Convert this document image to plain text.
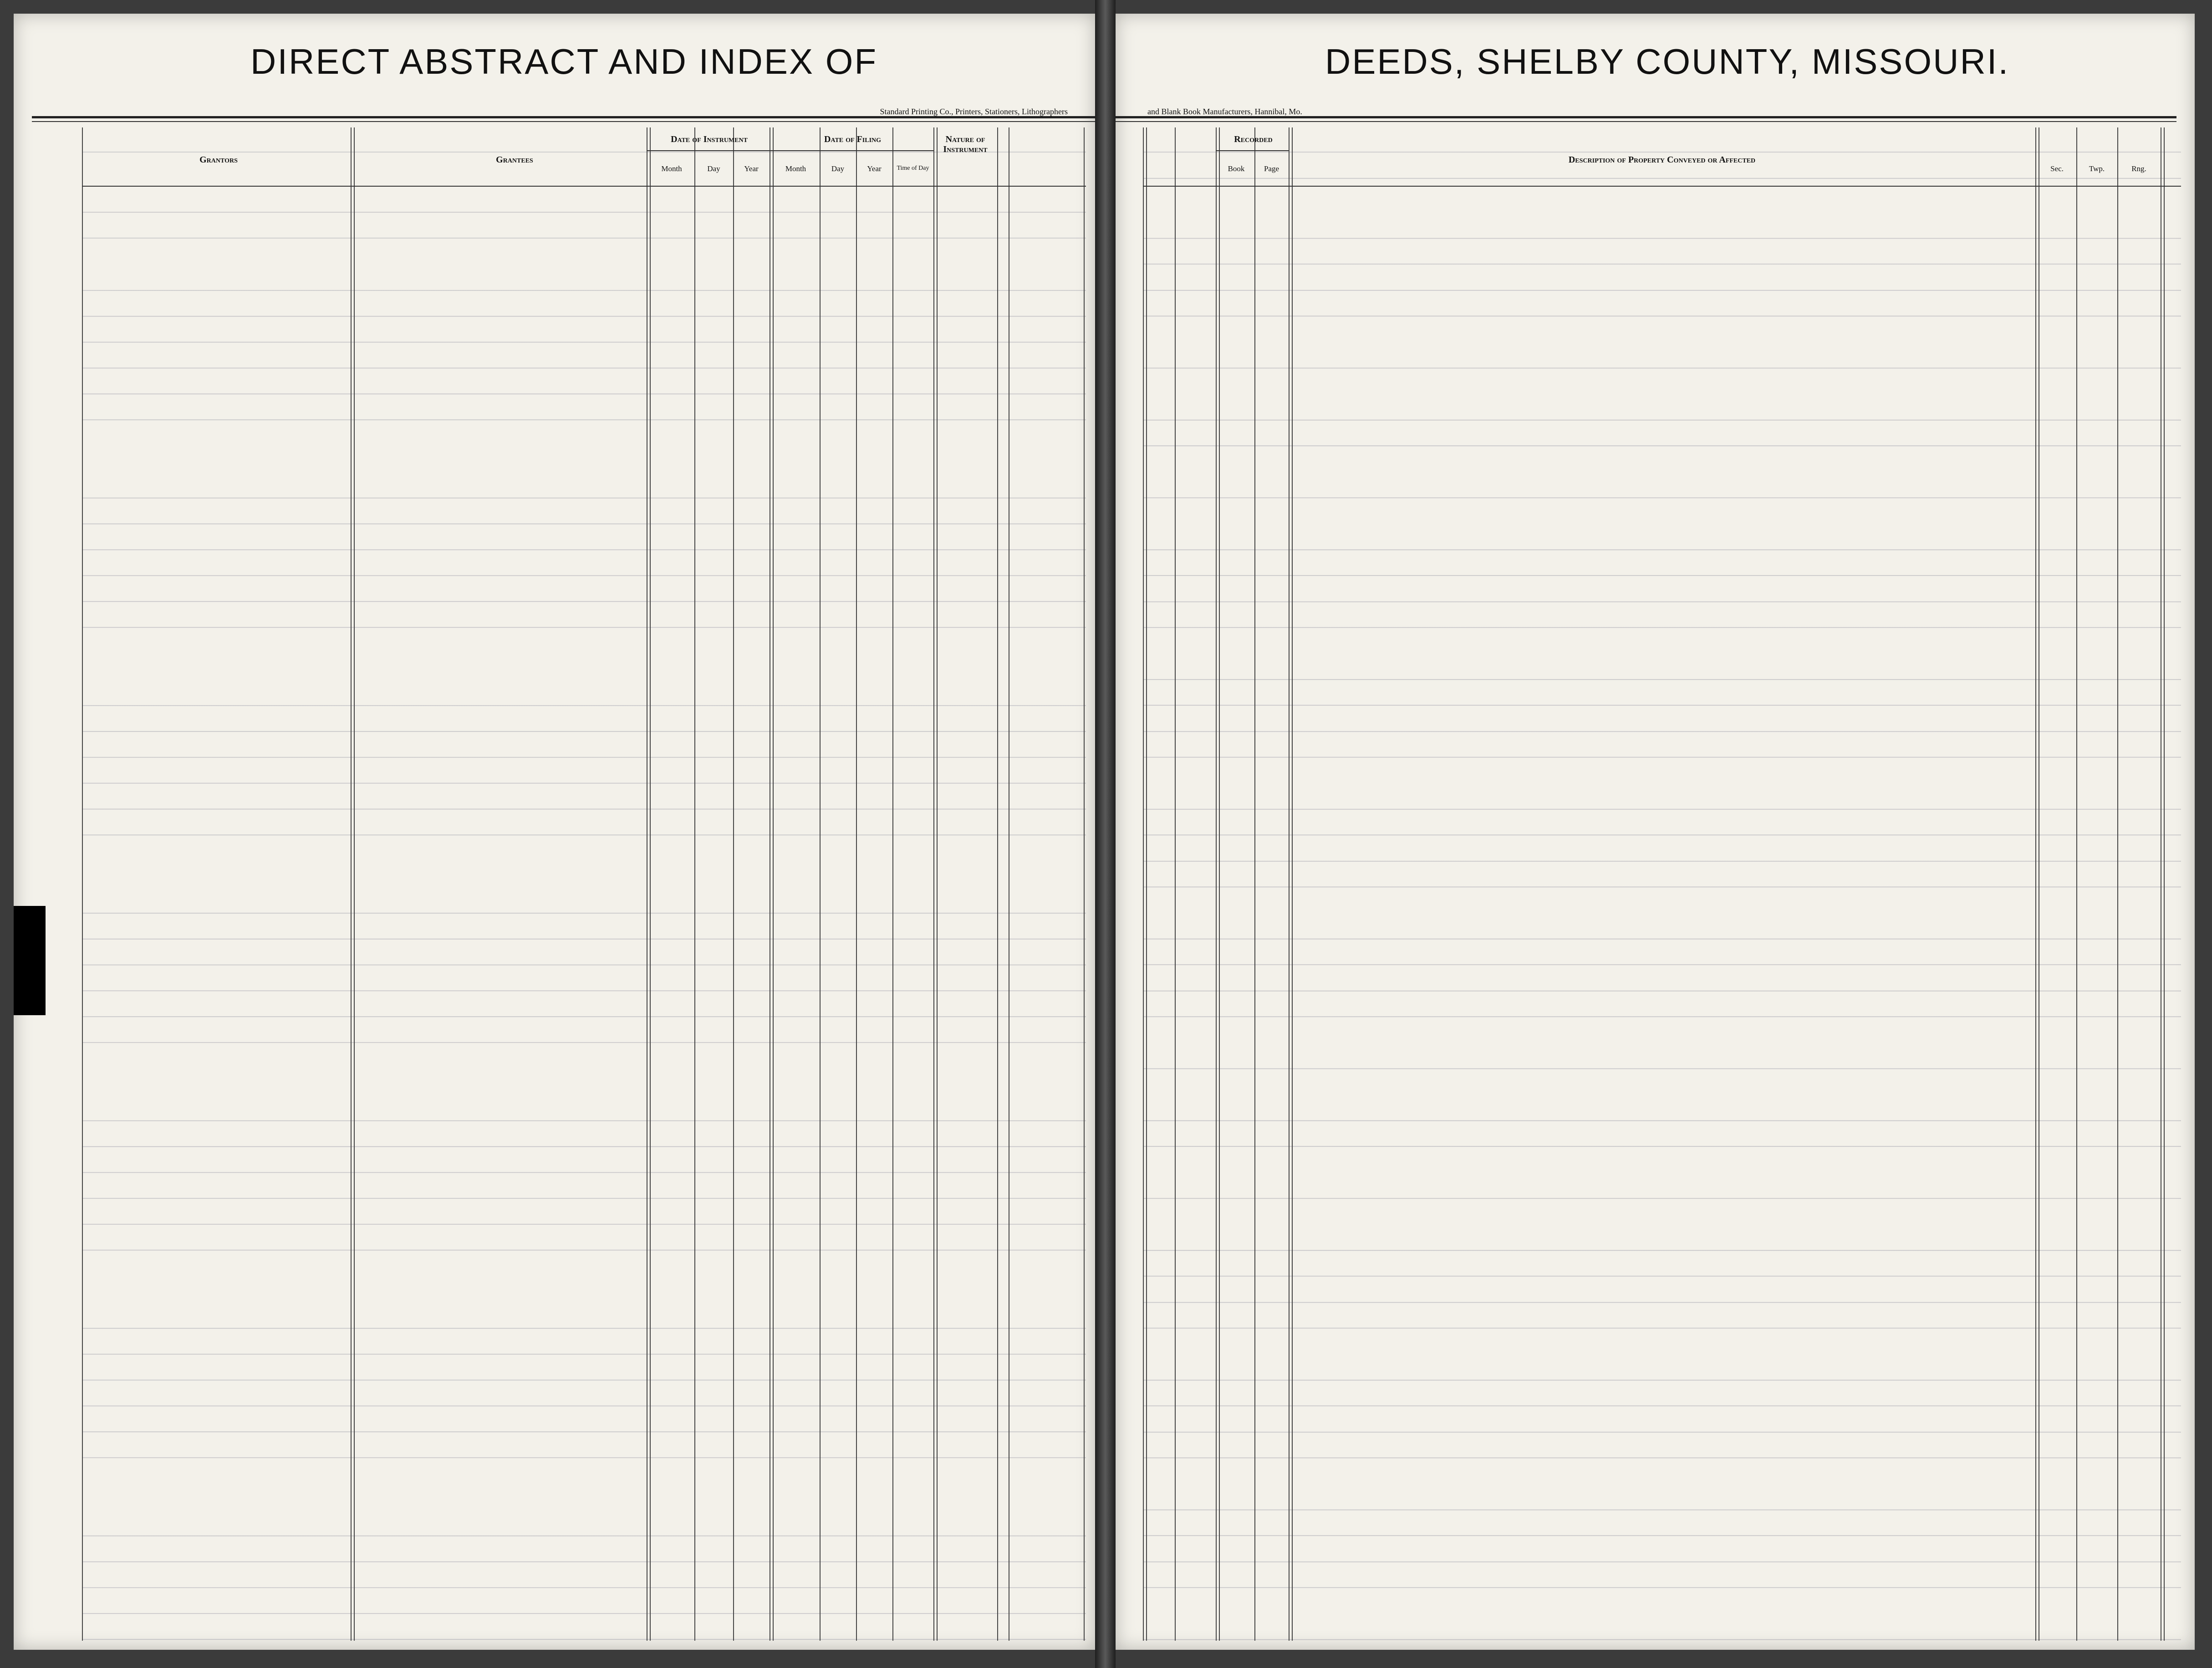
DIRECT ABSTRACT AND INDEX OF
Standard Printing Co., Printers, Stationers, Lithographers
Grantors	Grantees
Date of Instrument	Date of Filing	Nature of Instrument
Month	Day	Year	Month	Day	Year	Time of Day
DEEDS, SHELBY COUNTY, MISSOURI.
and Blank Book Manufacturers, Hannibal, Mo.
Recorded
Book	Page
Description of Property Conveyed or Affected
Sec.	Twp.	Rng.
